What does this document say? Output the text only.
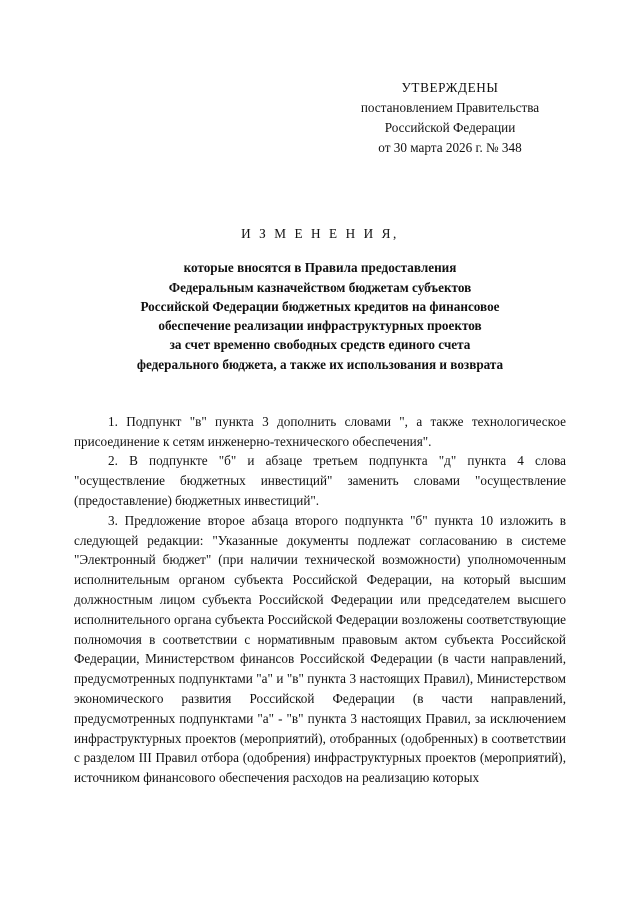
УТВЕРЖДЕНЫ
постановлением Правительства
Российской Федерации
от 30 марта 2026 г. № 348
И З М Е Н Е Н И Я,
которые вносятся в Правила предоставления
Федеральным казначейством бюджетам субъектов
Российской Федерации бюджетных кредитов на финансовое
обеспечение реализации инфраструктурных проектов
за счет временно свободных средств единого счета
федерального бюджета, а также их использования и возврата

1. Подпункт "в" пункта 3 дополнить словами ", а также технологическое присоединение к сетям инженерно-технического обеспечения".

2. В подпункте "б" и абзаце третьем подпункта "д" пункта 4 слова "осуществление бюджетных инвестиций" заменить словами "осуществление (предоставление) бюджетных инвестиций".

3. Предложение второе абзаца второго подпункта "б" пункта 10 изложить в следующей редакции: "Указанные документы подлежат согласованию в системе "Электронный бюджет" (при наличии технической возможности) уполномоченным исполнительным органом субъекта Российской Федерации, на который высшим должностным лицом субъекта Российской Федерации или председателем высшего исполнительного органа субъекта Российской Федерации возложены соответствующие полномочия в соответствии с нормативным правовым актом субъекта Российской Федерации, Министерством финансов Российской Федерации (в части направлений, предусмотренных подпунктами "а" и "в" пункта 3 настоящих Правил), Министерством экономического развития Российской Федерации (в части направлений, предусмотренных подпунктами "а" - "в" пункта 3 настоящих Правил, за исключением инфраструктурных проектов (мероприятий), отобранных (одобренных) в соответствии с разделом III Правил отбора (одобрения) инфраструктурных проектов (мероприятий), источником финансового обеспечения расходов на реализацию которых
